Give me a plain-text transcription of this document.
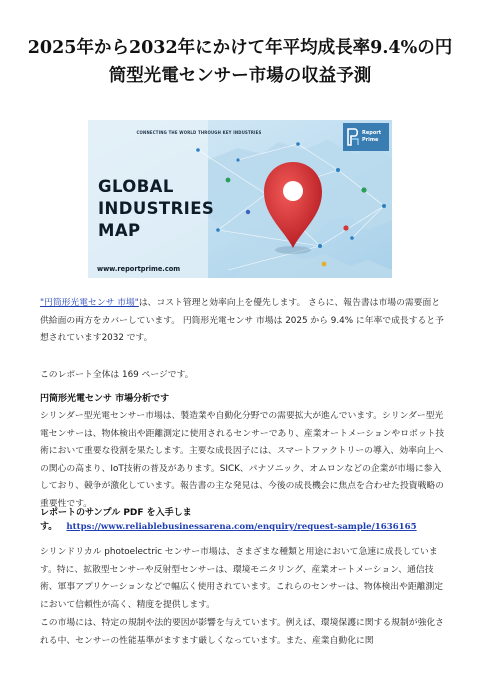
2025年から2032年にかけて年平均成長率9.4%の円筒型光電センサー市場の収益予測
CONNECTING THE WORLD THROUGH KEY INDUSTRIES
GLOBAL
INDUSTRIES
MAP
www.reportprime.com
Report
Prime

"円筒形光電センサ 市場"は、コスト管理と効率向上を優先します。 さらに、報告書は市場の需要面と供給面の両方をカバーしています。 円筒形光電センサ 市場は 2025 から 9.4% に年率で成長すると予想されています2032 です。

このレポート全体は 169 ページです。

円筒形光電センサ 市場分析です

シリンダー型光電センサー市場は、製造業や自動化分野での需要拡大が進んでいます。シリンダー型光電センサーは、物体検出や距離測定に使用されるセンサーであり、産業オートメーションやロボット技術において重要な役割を果たします。主要な成長因子には、スマートファクトリーの導入、効率向上への関心の高まり、IoT技術の普及があります。SICK、パナソニック、オムロンなどの企業が市場に参入しており、競争が激化しています。報告書の主な発見は、今後の成長機会に焦点を合わせた投資戦略の重要性です。

レポートのサンプル PDF を入手しま
す。 https://www.reliablebusinessarena.com/enquiry/request-sample/1636165

シリンドリカル photoelectric センサー市場は、さまざまな種類と用途において急速に成長しています。特に、拡散型センサーや反射型センサーは、環境モニタリング、産業オートメーション、通信技術、軍事アプリケーションなどで幅広く使用されています。これらのセンサーは、物体検出や距離測定において信頼性が高く、精度を提供します。

この市場には、特定の規制や法的要因が影響を与えています。例えば、環境保護に関する規制が強化される中、センサーの性能基準がますます厳しくなっています。また、産業自動化に関
